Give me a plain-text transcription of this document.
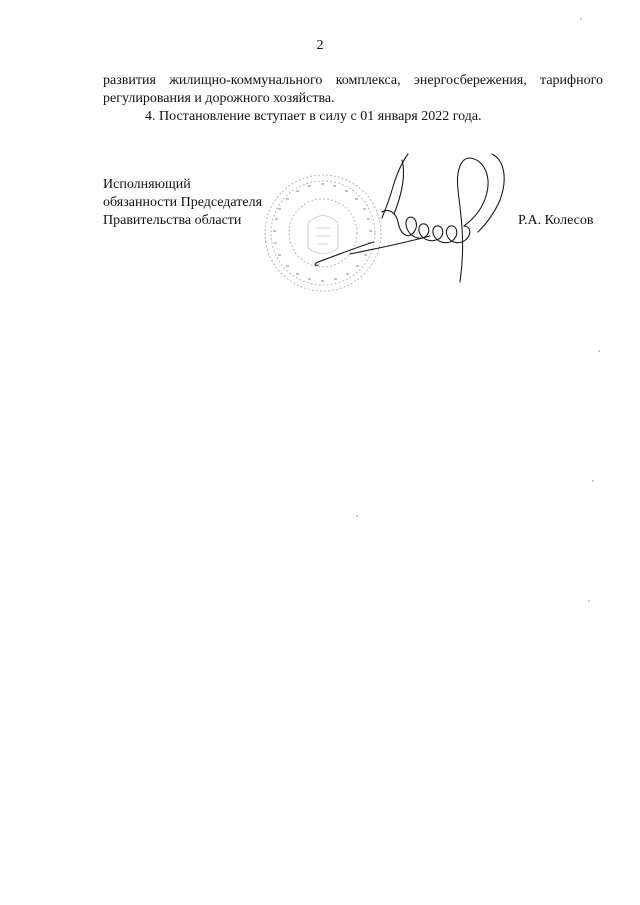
2

развития жилищно-коммунального комплекса, энергосбережения, тарифного
регулирования и дорожного хозяйства.

4. Постановление вступает в силу с 01 января 2022 года.

Исполняющий
обязанности Председателя
Правительства области	Р.А. Колесов
